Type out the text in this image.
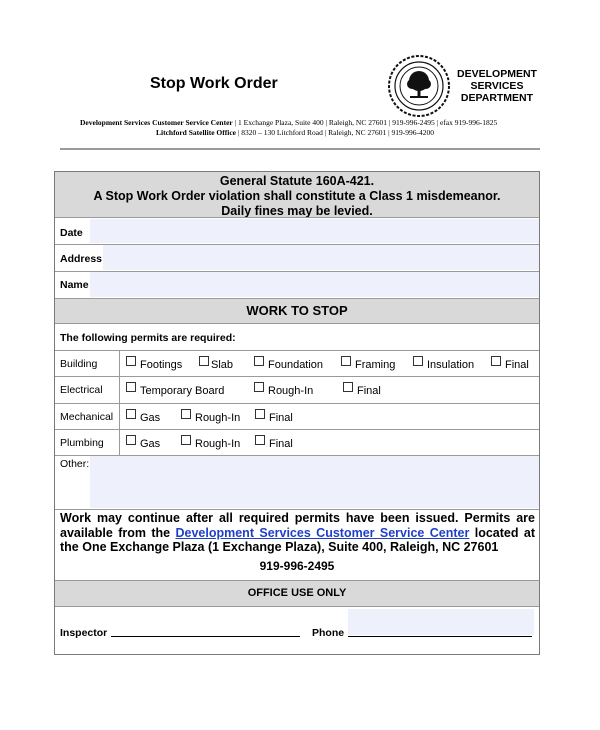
Stop Work Order
DEVELOPMENT
SERVICES
DEPARTMENT
Development Services Customer Service Center | 1 Exchange Plaza, Suite 400 | Raleigh, NC 27601 | 919-996-2495 | efax 919-996-1825
Litchford Satellite Office | 8320 – 130 Litchford Road | Raleigh, NC 27601 | 919-996-4200
General Statute 160A-421.
A Stop Work Order violation shall constitute a Class 1 misdemeanor.
Daily fines may be levied.
Date
Address
Name
WORK TO STOP
The following permits are required:
Building	Footings	Slab	Foundation	Framing	Insulation	Final
Electrical	Temporary Board	Rough-In	Final
Mechanical Gas	Rough-In	Final
Plumbing	Gas	Rough-In	Final
Other:
Work may continue after all required permits have been issued. Permits are available from the Development Services Customer Service Center located at the One Exchange Plaza (1 Exchange Plaza), Suite 400, Raleigh, NC 27601
919-996-2495
OFFICE USE ONLY
Inspector	Phone
